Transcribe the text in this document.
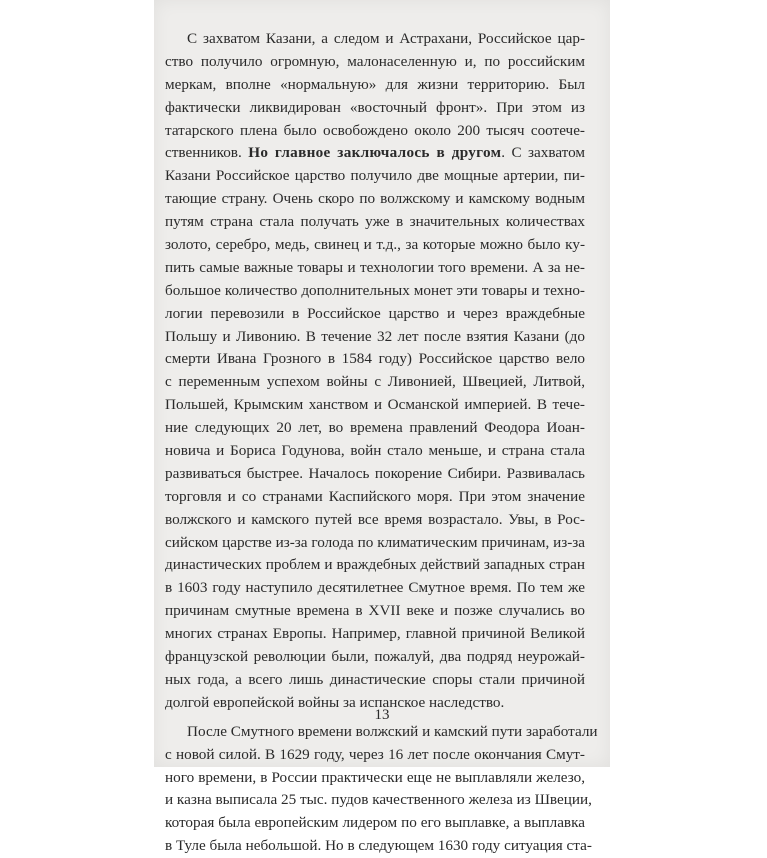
С захватом Казани, а следом и Астрахани, Российское цар-
ство получило огромную, малонаселенную и, по российским
меркам, вполне «нормальную» для жизни территорию. Был
фактически ликвидирован «восточный фронт». При этом из
татарского плена было освобождено около 200 тысяч соотече-
ственников. Но главное заключалось в другом. С захватом
Казани Российское царство получило две мощные артерии, пи-
тающие страну. Очень скоро по волжскому и камскому водным
путям страна стала получать уже в значительных количествах
золото, серебро, медь, свинец и т.д., за которые можно было ку-
пить самые важные товары и технологии того времени. А за не-
большое количество дополнительных монет эти товары и техно-
логии перевозили в Российское царство и через враждебные
Польшу и Ливонию. В течение 32 лет после взятия Казани (до
смерти Ивана Грозного в 1584 году) Российское царство вело
с переменным успехом войны с Ливонией, Швецией, Литвой,
Польшей, Крымским ханством и Османской империей. В тече-
ние следующих 20 лет, во времена правлений Феодора Иоан-
новича и Бориса Годунова, войн стало меньше, и страна стала
развиваться быстрее. Началось покорение Сибири. Развивалась
торговля и со странами Каспийского моря. При этом значение
волжского и камского путей все время возрастало. Увы, в Рос-
сийском царстве из-за голода по климатическим причинам, из-за
династических проблем и враждебных действий западных стран
в 1603 году наступило десятилетнее Смутное время. По тем же
причинам смутные времена в XVII веке и позже случались во
многих странах Европы. Например, главной причиной Великой
французской революции были, пожалуй, два подряд неурожай-
ных года, а всего лишь династические споры стали причиной
долгой европейской войны за испанское наследство.
После Смутного времени волжский и камский пути заработали
с новой силой. В 1629 году, через 16 лет после окончания Смут-
ного времени, в России практически еще не выплавляли железо,
и казна выписала 25 тыс. пудов качественного железа из Швеции,
которая была европейским лидером по его выплавке, а выплавка
в Туле была небольшой. Но в следующем 1630 году ситуация ста-
13
